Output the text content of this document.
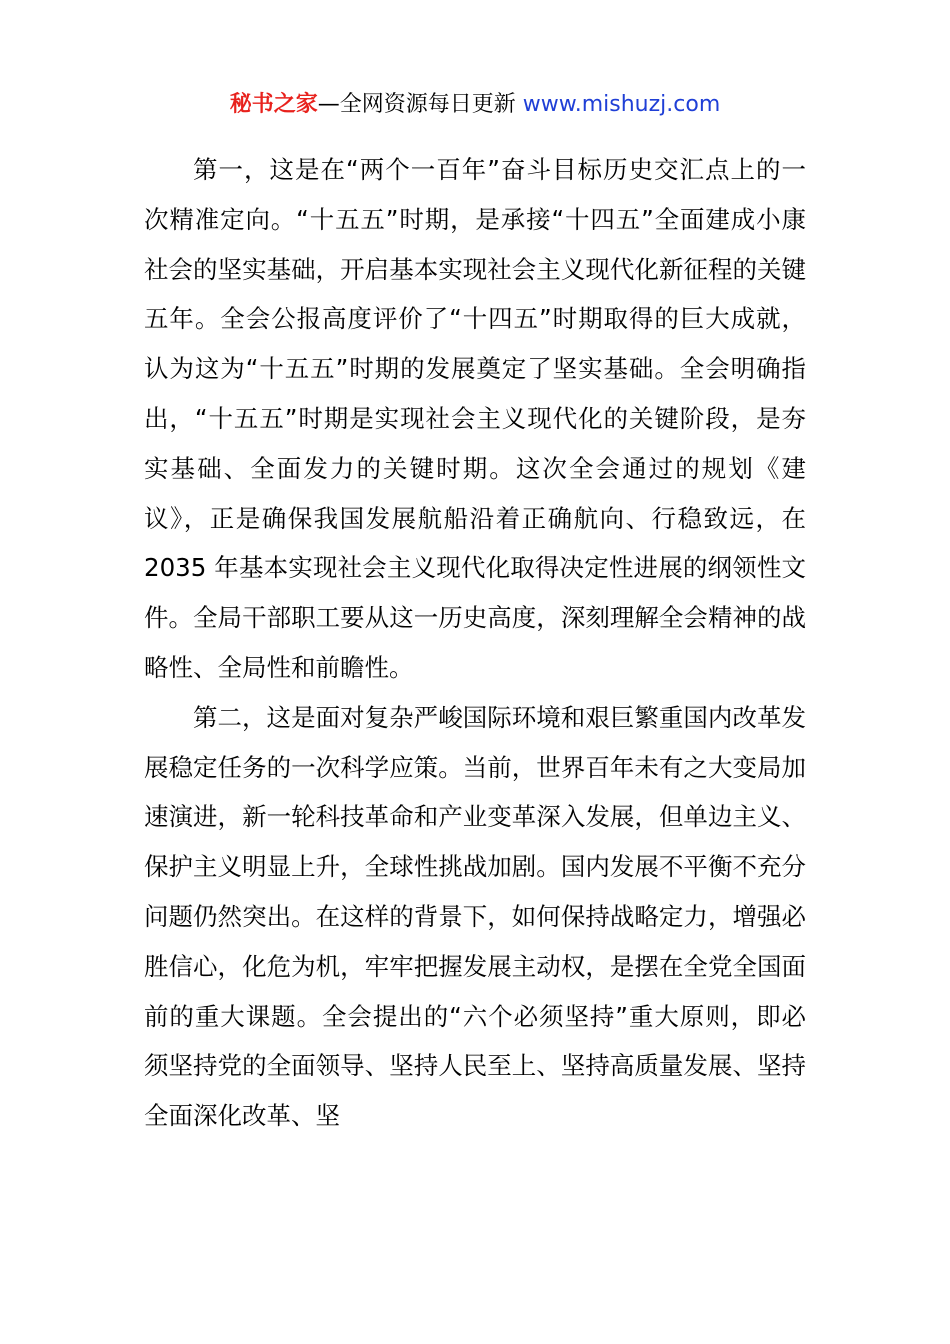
秘书之家—全网资源每日更新 www.mishuzj.com

第一，这是在“两个一百年”奋斗目标历史交汇点上的一次精准定向。“十五五”时期，是承接“十四五”全面建成小康社会的坚实基础，开启基本实现社会主义现代化新征程的关键五年。全会公报高度评价了“十四五”时期取得的巨大成就，认为这为“十五五”时期的发展奠定了坚实基础。全会明确指出，“十五五”时期是实现社会主义现代化的关键阶段，是夯实基础、全面发力的关键时期。这次全会通过的规划《建议》，正是确保我国发展航船沿着正确航向、行稳致远，在 2035 年基本实现社会主义现代化取得决定性进展的纲领性文件。全局干部职工要从这一历史高度，深刻理解全会精神的战略性、全局性和前瞻性。

第二，这是面对复杂严峻国际环境和艰巨繁重国内改革发展稳定任务的一次科学应策。当前，世界百年未有之大变局加速演进，新一轮科技革命和产业变革深入发展，但单边主义、保护主义明显上升，全球性挑战加剧。国内发展不平衡不充分问题仍然突出。在这样的背景下，如何保持战略定力，增强必胜信心，化危为机，牢牢把握发展主动权，是摆在全党全国面前的重大课题。全会提出的“六个必须坚持”重大原则，即必须坚持党的全面领导、坚持人民至上、坚持高质量发展、坚持全面深化改革、坚
